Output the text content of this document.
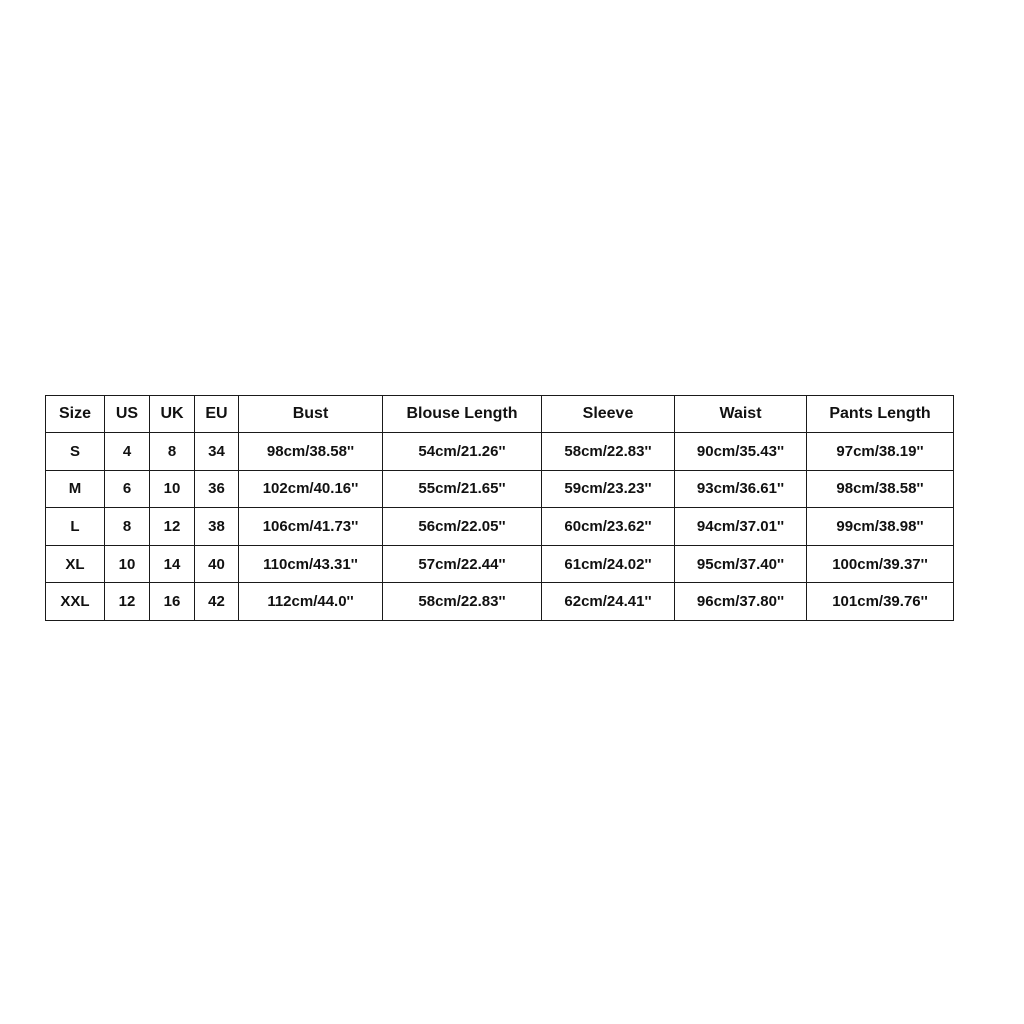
Size	US	UK	EU	Bust	Blouse Length	Sleeve	Waist	Pants Length
S	4	8	34	98cm/38.58''	54cm/21.26''	58cm/22.83''	90cm/35.43''	97cm/38.19''
M	6	10	36	102cm/40.16''	55cm/21.65''	59cm/23.23''	93cm/36.61''	98cm/38.58''
L	8	12	38	106cm/41.73''	56cm/22.05''	60cm/23.62''	94cm/37.01''	99cm/38.98''
XL	10	14	40	110cm/43.31''	57cm/22.44''	61cm/24.02''	95cm/37.40''	100cm/39.37''
XXL	12	16	42	112cm/44.0''	58cm/22.83''	62cm/24.41''	96cm/37.80''	101cm/39.76''
